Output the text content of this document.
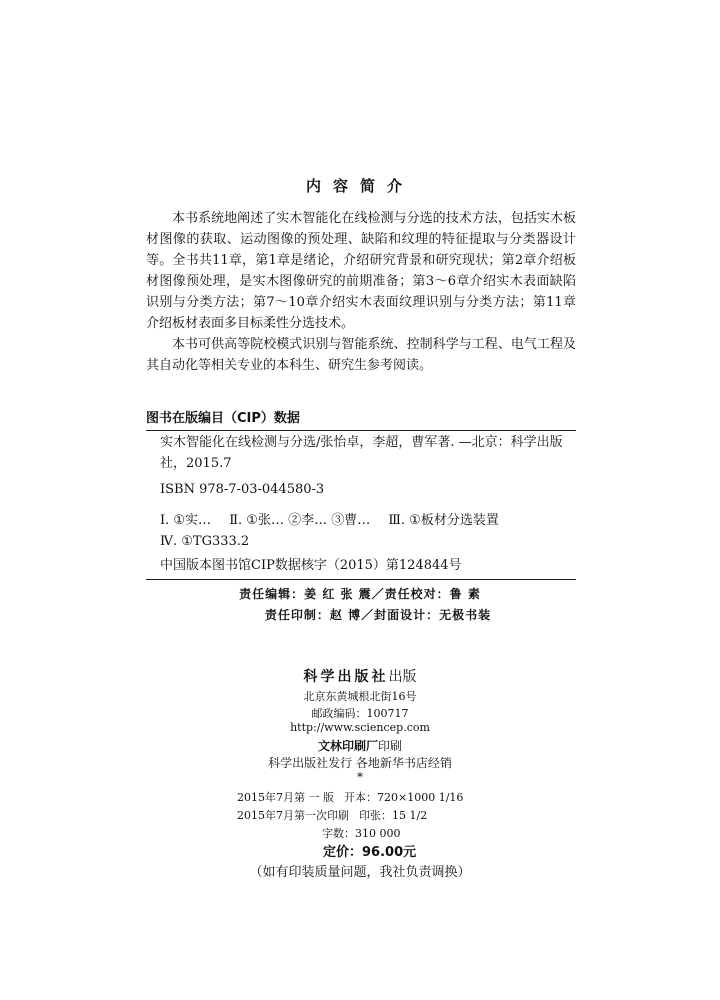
内容简介

本书系统地阐述了实木智能化在线检测与分选的技术方法，包括实木板材图像的获取、运动图像的预处理、缺陷和纹理的特征提取与分类器设计等。全书共11章，第1章是绪论，介绍研究背景和研究现状；第2章介绍板材图像预处理，是实木图像研究的前期准备；第3～6章介绍实木表面缺陷识别与分类方法；第7～10章介绍实木表面纹理识别与分类方法；第11章介绍板材表面多目标柔性分选技术。

本书可供高等院校模式识别与智能系统、控制科学与工程、电气工程及其自动化等相关专业的本科生、研究生参考阅读。

图书在版编目（CIP）数据
实木智能化在线检测与分选/张怡卓，李超，曹军著. —北京：科学出版社，2015.7
ISBN 978-7-03-044580-3
Ⅰ. ①实… Ⅱ. ①张… ②李… ③曹… Ⅲ. ①板材分选装置
Ⅳ. ①TG333.2
中国版本图书馆CIP数据核字（2015）第124844号
责任编辑：姜 红 张 震／责任校对：鲁 素
责任印制：赵 博／封面设计：无极书装
科学出版社出版
北京东黄城根北街16号
邮政编码：100717
http://www.sciencep.com
文林印刷厂印刷
科学出版社发行 各地新华书店经销
*
2015年7月第 一 版 开本：720×1000 1/16
2015年7月第一次印刷 印张：15 1/2
字数：310 000
定价：96.00元
（如有印装质量问题，我社负责调换）
